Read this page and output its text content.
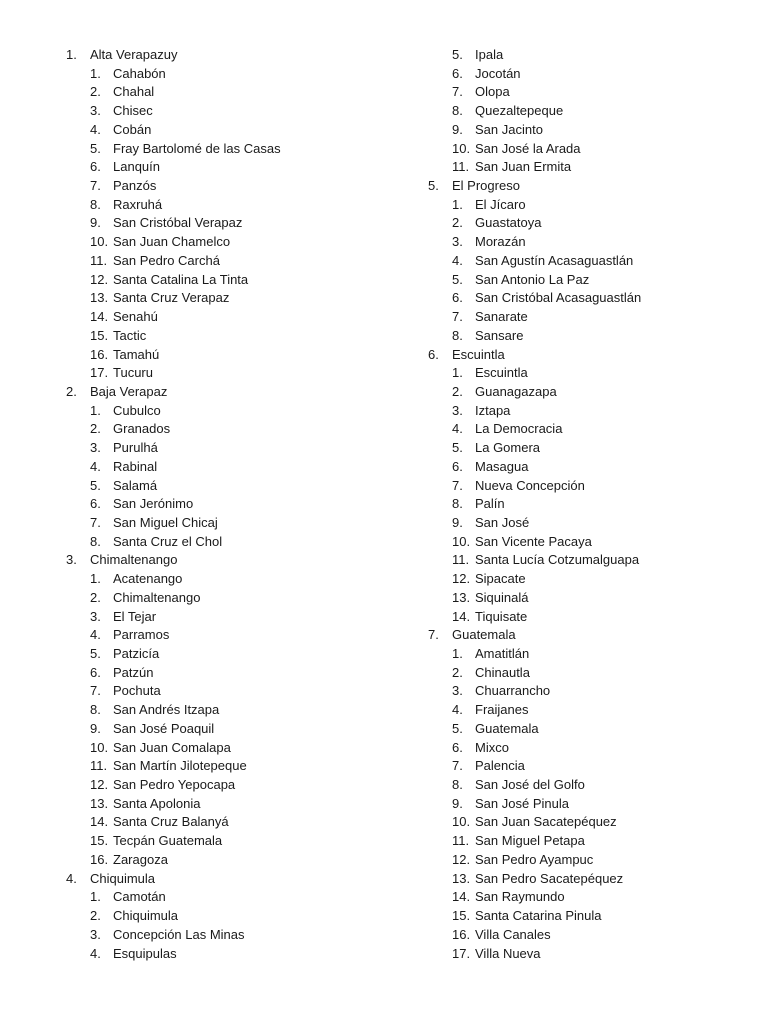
1. Alta Verapazuy
1. Cahabón
2. Chahal
3. Chisec
4. Cobán
5. Fray Bartolomé de las Casas
6. Lanquín
7. Panzós
8. Raxruhá
9. San Cristóbal Verapaz
10. San Juan Chamelco
11. San Pedro Carchá
12. Santa Catalina La Tinta
13. Santa Cruz Verapaz
14. Senahú
15. Tactic
16. Tamahú
17. Tucuru
2. Baja Verapaz
1. Cubulco
2. Granados
3. Purulhá
4. Rabinal
5. Salamá
6. San Jerónimo
7. San Miguel Chicaj
8. Santa Cruz el Chol
3. Chimaltenango
1. Acatenango
2. Chimaltenango
3. El Tejar
4. Parramos
5. Patzicía
6. Patzún
7. Pochuta
8. San Andrés Itzapa
9. San José Poaquil
10. San Juan Comalapa
11. San Martín Jilotepeque
12. San Pedro Yepocapa
13. Santa Apolonia
14. Santa Cruz Balanyá
15. Tecpán Guatemala
16. Zaragoza
4. Chiquimula
1. Camotán
2. Chiquimula
3. Concepción Las Minas
4. Esquipulas
5. Ipala
6. Jocotán
7. Olopa
8. Quezaltepeque
9. San Jacinto
10. San José la Arada
11. San Juan Ermita
5. El Progreso
1. El Jícaro
2. Guastatoya
3. Morazán
4. San Agustín Acasaguastlán
5. San Antonio La Paz
6. San Cristóbal Acasaguastlán
7. Sanarate
8. Sansare
6. Escuintla
1. Escuintla
2. Guanagazapa
3. Iztapa
4. La Democracia
5. La Gomera
6. Masagua
7. Nueva Concepción
8. Palín
9. San José
10. San Vicente Pacaya
11. Santa Lucía Cotzumalguapa
12. Sipacate
13. Siquinalá
14. Tiquisate
7. Guatemala
1. Amatitlán
2. Chinautla
3. Chuarrancho
4. Fraijanes
5. Guatemala
6. Mixco
7. Palencia
8. San José del Golfo
9. San José Pinula
10. San Juan Sacatepéquez
11. San Miguel Petapa
12. San Pedro Ayampuc
13. San Pedro Sacatepéquez
14. San Raymundo
15. Santa Catarina Pinula
16. Villa Canales
17. Villa Nueva
